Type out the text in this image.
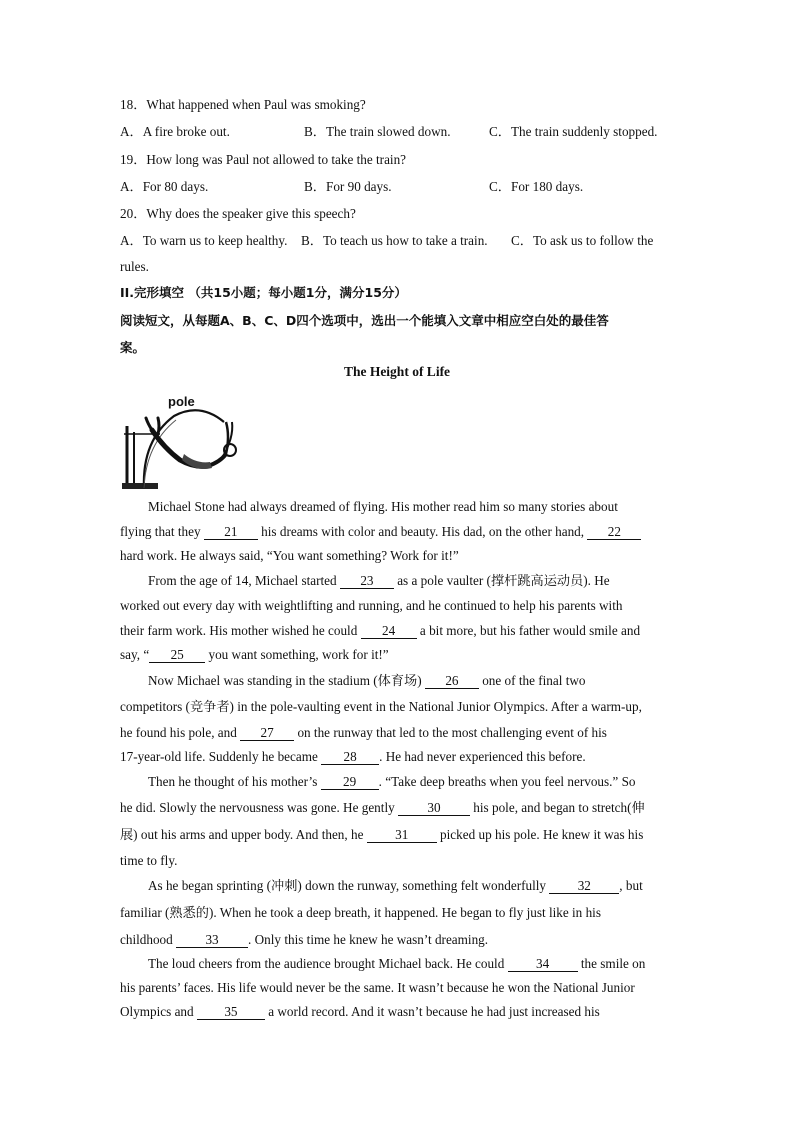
18．What happened when Paul was smoking?
A．A fire broke out.	B．The train slowed down.	C．The train suddenly stopped.
19．How long was Paul not allowed to take the train?
A．For 80 days.	B．For 90 days.	C．For 180 days.
20．Why does the speaker give this speech?
A．To warn us to keep healthy. B．To teach us how to take a train. C．To ask us to follow the
rules.
II.完形填空 （共15小题；每小题1分，满分15分）
阅读短文，从每题A、B、C、D四个选项中，选出一个能填入文章中相应空白处的最佳答
案。
The Height of Life
pole
Michael Stone had always dreamed of flying. His mother read him so many stories about
flying that they 21 his dreams with color and beauty. His dad, on the other hand, 22
hard work. He always said, “You want something? Work for it!”
From the age of 14, Michael started 23 as a pole vaulter (撑杆跳高运动员). He
worked out every day with weightlifting and running, and he continued to help his parents with
their farm work. His mother wished he could 24 a bit more, but his father would smile and
say, “ 25 you want something, work for it!”
Now Michael was standing in the stadium (体育场) 26 one of the final two
competitors (竞争者) in the pole-vaulting event in the National Junior Olympics. After a warm-up,
he found his pole, and 27 on the runway that led to the most challenging event of his
17-year-old life. Suddenly he became 28 . He had never experienced this before.
Then he thought of his mother’s 29 . “Take deep breaths when you feel nervous.” So
he did. Slowly the nervousness was gone. He gently 30 his pole, and began to stretch(伸
展) out his arms and upper body. And then, he 31 picked up his pole. He knew it was his
time to fly.
As he began sprinting (冲刺) down the runway, something felt wonderfully 32 , but
familiar (熟悉的). When he took a deep breath, it happened. He began to fly just like in his
childhood 33 . Only this time he knew he wasn’t dreaming.
The loud cheers from the audience brought Michael back. He could 34 the smile on
his parents’ faces. His life would never be the same. It wasn’t because he won the National Junior
Olympics and 35 a world record. And it wasn’t because he had just increased his
